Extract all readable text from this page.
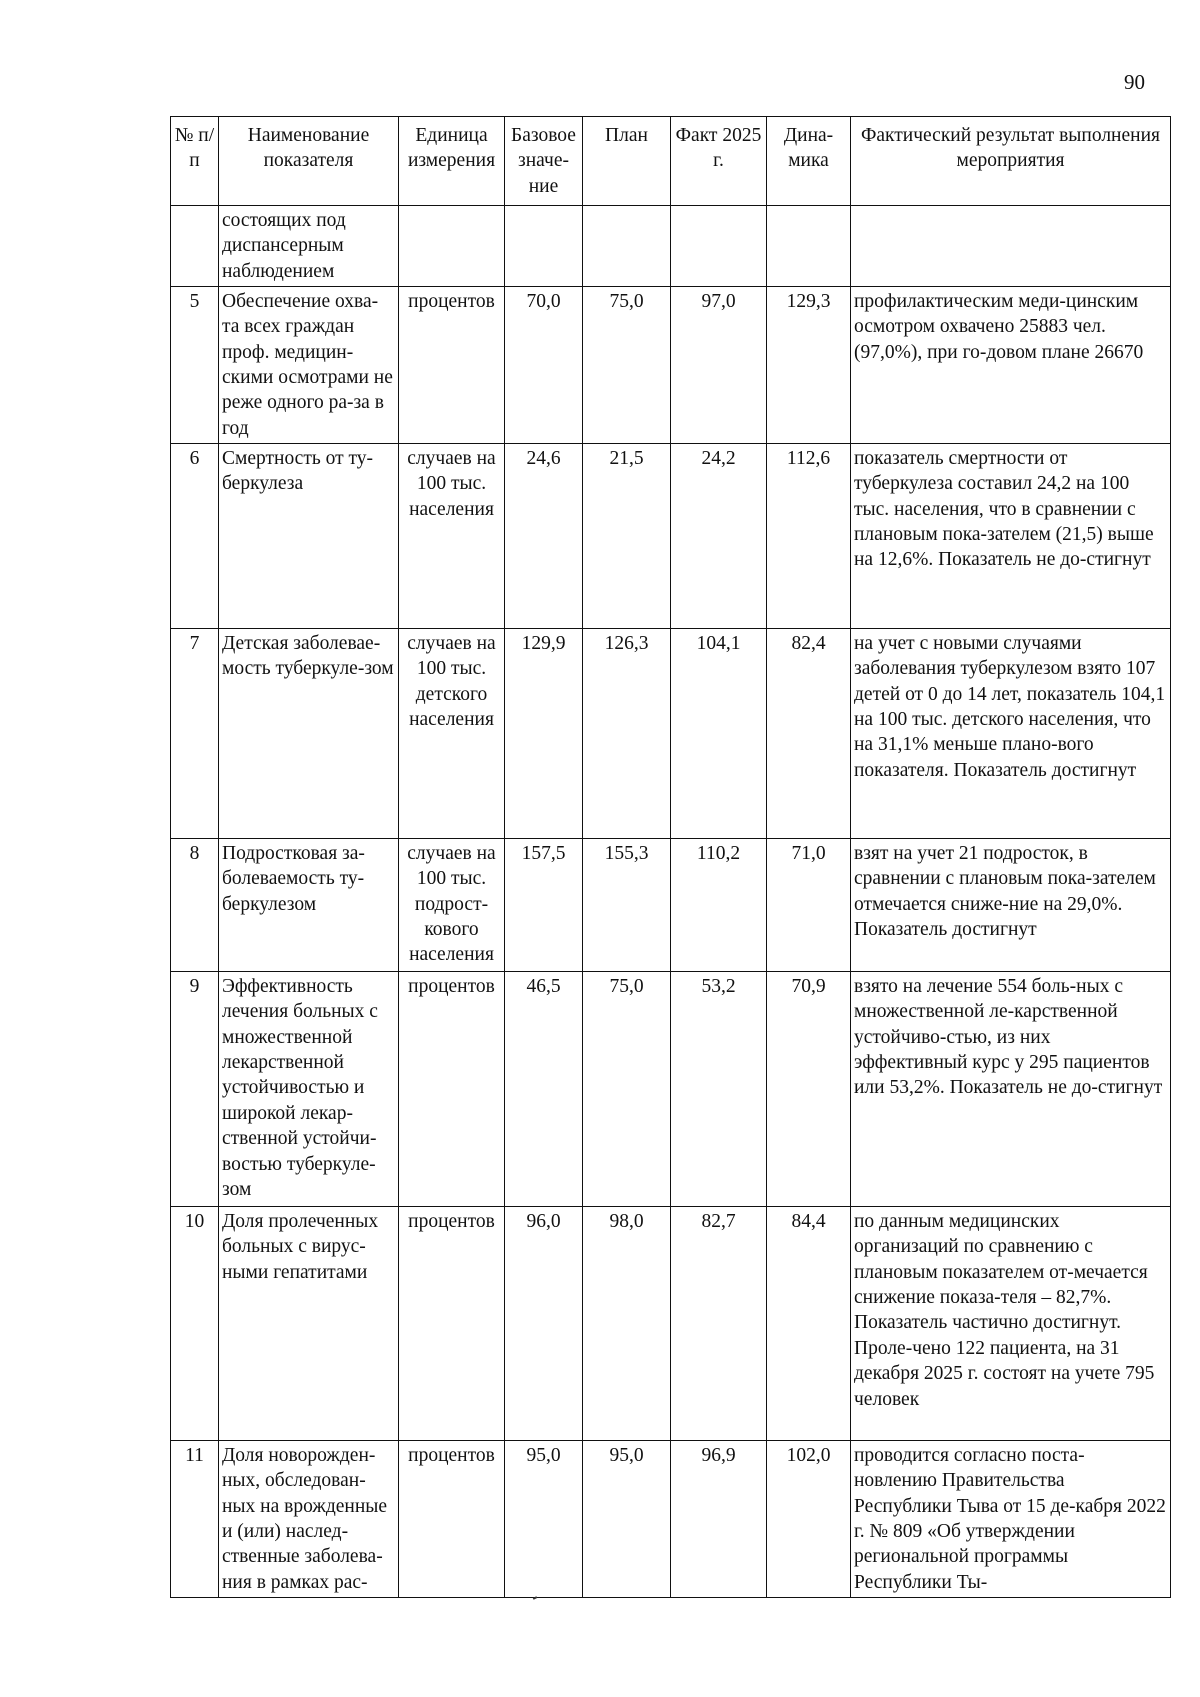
90
№ п/п	Наименование показателя	Единица измерения	Базовое значе-ние	План	Факт 2025 г.	Дина-мика	Фактический результат выполнения мероприятия
	состоящих под диспансерным наблюдением						
5	Обеспечение охва-та всех граждан проф. медицин-скими осмотрами не реже одного ра-за в год	процентов	70,0	75,0	97,0	129,3	профилактическим меди-цинским осмотром охвачено 25883 чел. (97,0%), при го-довом плане 26670
6	Смертность от ту-беркулеза	случаев на 100 тыс. населения	24,6	21,5	24,2	112,6	показатель смертности от туберкулеза составил 24,2 на 100 тыс. населения, что в сравнении с плановым пока-зателем (21,5) выше на 12,6%. Показатель не до-стигнут
7	Детская заболевае-мость туберкуле-зом	случаев на 100 тыс. детского населения	129,9	126,3	104,1	82,4	на учет с новыми случаями заболевания туберкулезом взято 107 детей от 0 до 14 лет, показатель 104,1 на 100 тыс. детского населения, что на 31,1% меньше плано-вого показателя. Показатель достигнут
8	Подростковая за-болеваемость ту-беркулезом	случаев на 100 тыс. подрост-кового населения	157,5	155,3	110,2	71,0	взят на учет 21 подросток, в сравнении с плановым пока-зателем отмечается сниже-ние на 29,0%. Показатель достигнут
9	Эффективность лечения больных с множественной лекарственной устойчивостью и широкой лекар-ственной устойчи-востью туберкуле-зом	процентов	46,5	75,0	53,2	70,9	взято на лечение 554 боль-ных с множественной ле-карственной устойчиво-стью, из них эффективный курс у 295 пациентов или 53,2%. Показатель не до-стигнут
10	Доля пролеченных больных с вирус-ными гепатитами	процентов	96,0	98,0	82,7	84,4	по данным медицинских организаций по сравнению с плановым показателем от-мечается снижение показа-теля – 82,7%. Показатель частично достигнут. Проле-чено 122 пациента, на 31 декабря 2025 г. состоят на учете 795 человек
11	Доля новорожден-ных, обследован-ных на врожденные и (или) наслед-ственные заболева-ния в рамках рас-	процентов	95,0	95,0	96,9	102,0	проводится согласно поста-новлению Правительства Республики Тыва от 15 де-кабря 2022 г. № 809 «Об утверждении региональной программы Республики Ты-
